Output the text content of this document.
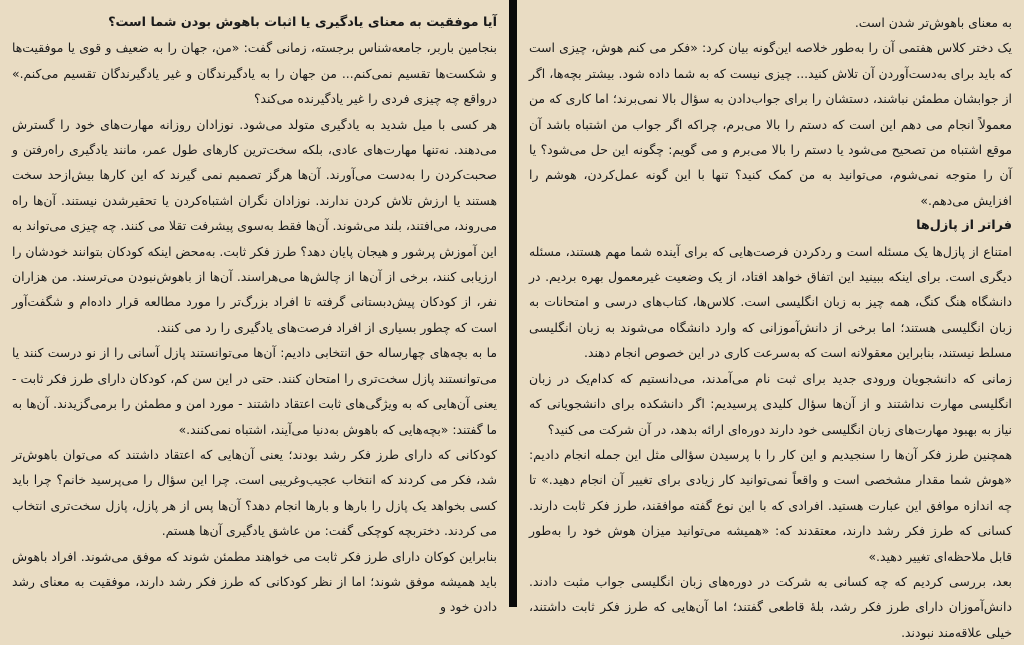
به معنای باهوش‌تر شدن است.

یک دختر کلاس هفتمی آن را به‌طور خلاصه این‌گونه بیان کرد: «فکر می کنم هوش، چیزی است که باید برای به‌دست‌آوردن آن تلاش کنید... چیزی نیست که به شما داده شود. بیشتر بچه‌ها، اگر از جوابشان مطمئن نباشند، دستشان را برای جواب‌دادن به سؤال بالا نمی‌برند؛ اما کاری که من معمولاً انجام می دهم این است که دستم را بالا می‌برم، چراکه اگر جواب من اشتباه باشد آن موقع اشتباه من تصحیح می‌شود یا دستم را بالا می‌برم و می گویم: چگونه این حل می‌شود؟ یا آن را متوجه نمی‌شوم، می‌توانید به من کمک کنید؟ تنها با این گونه عمل‌کردن، هوشم را افزایش می‌دهم.»

فراتر از پازل‌ها

امتناع از پازل‌ها یک مسئله است و ردکردن فرصت‌هایی که برای آینده شما مهم هستند، مسئله دیگری است. برای اینکه ببینید این اتفاق خواهد افتاد، از یک وضعیت غیرمعمول بهره بردیم. در دانشگاه هنگ کنگ، همه چیز به زبان انگلیسی است. کلاس‌ها، کتاب‌های درسی و امتحانات به زبان انگلیسی هستند؛ اما برخی از دانش‌آموزانی که وارد دانشگاه می‌شوند به زبان انگلیسی مسلط نیستند، بنابراین معقولانه است که به‌سرعت کاری در این خصوص انجام دهند.

زمانی که دانشجویان ورودی جدید برای ثبت نام می‌آمدند، می‌دانستیم که کدام‌یک در زبان انگلیسی مهارت نداشتند و از آن‌ها سؤال کلیدی پرسیدیم: اگر دانشکده برای دانشجویانی که نیاز به بهبود مهارت‌های زبان انگلیسی خود دارند دوره‌ای ارائه بدهد، در آن شرکت می کنید؟

همچنین طرز فکر آن‌ها را سنجیدیم و این کار را با پرسیدن سؤالی مثل این جمله انجام دادیم: «هوش شما مقدار مشخصی است و واقعاً نمی‌توانید کار زیادی برای تغییر آن انجام دهید.» تا چه اندازه موافق این عبارت هستید. افرادی که با این نوع گفته موافقند، طرز فکر ثابت دارند. کسانی که طرز فکر رشد دارند، معتقدند که: «همیشه می‌توانید میزان هوش خود را به‌طور قابل ملاحظه‌ای تغییر دهید.»

بعد، بررسی کردیم که چه کسانی به شرکت در دوره‌های زبان انگلیسی جواب مثبت دادند. دانش‌آموزان دارای طرز فکر رشد، بلهٔ قاطعی گفتند؛ اما آن‌هایی که طرز فکر ثابت داشتند، خیلی علاقه‌مند نبودند.

آیا موفقیت به معنای یادگیری یا اثبات باهوش بودن شما است؟

بنجامین باربر، جامعه‌شناس برجسته، زمانی گفت: «من، جهان را به ضعیف و قوی یا موفقیت‌ها و شکست‌ها تقسیم نمی‌کنم... من جهان را به یادگیرندگان و غیر یادگیرندگان تقسیم می‌کنم.» درواقع چه چیزی فردی را غیر یادگیرنده می‌کند؟

هر کسی با میل شدید به یادگیری متولد می‌شود. نوزادان روزانه مهارت‌های خود را گسترش می‌دهند. نه‌تنها مهارت‌های عادی، بلکه سخت‌ترین کارهای طول عمر، مانند یادگیری راه‌رفتن و صحبت‌کردن را به‌دست می‌آورند. آن‌ها هرگز تصمیم نمی گیرند که این کارها بیش‌ازحد سخت هستند یا ارزش تلاش کردن ندارند. نوزادان نگران اشتباه‌کردن یا تحقیرشدن نیستند. آن‌ها راه می‌روند، می‌افتند، بلند می‌شوند. آن‌ها فقط به‌سوی پیشرفت تقلا می کنند. چه چیزی می‌تواند به این آموزش پرشور و هیجان پایان دهد؟ طرز فکر ثابت. به‌محض اینکه کودکان بتوانند خودشان را ارزیابی کنند، برخی از آن‌ها از چالش‌ها می‌هراسند. آن‌ها از باهوش‌نبودن می‌ترسند. من هزاران نفر، از کودکان پیش‌دبستانی گرفته تا افراد بزرگ‌تر را مورد مطالعه قرار داده‌ام و شگفت‌آور است که چطور بسیاری از افراد فرصت‌های یادگیری را رد می کنند.

ما به بچه‌های چهارساله حق انتخابی دادیم: آن‌ها می‌توانستند پازل آسانی را از نو درست کنند یا می‌توانستند پازل سخت‌تری را امتحان کنند. حتی در این سن کم، کودکان دارای طرز فکر ثابت - یعنی آن‌هایی که به ویژگی‌های ثابت اعتقاد داشتند - مورد امن و مطمئن را برمی‌گزیدند. آن‌ها به ما گفتند: «بچه‌هایی که باهوش به‌دنیا می‌آیند، اشتباه نمی‌کنند.»

کودکانی که دارای طرز فکر رشد بودند؛ یعنی آن‌هایی که اعتقاد داشتند که می‌توان باهوش‌تر شد، فکر می کردند که انتخاب عجیب‌وغریبی است. چرا این سؤال را می‌پرسید خانم؟ چرا باید کسی بخواهد یک پازل را بارها و بارها انجام دهد؟ آن‌ها پس از هر پازل، پازل سخت‌تری انتخاب می کردند. دختربچه کوچکی گفت: من عاشق یادگیری آن‌ها هستم.

بنابراین کوکان دارای طرز فکر ثابت می خواهند مطمئن شوند که موفق می‌شوند. افراد باهوش باید همیشه موفق شوند؛ اما از نظر کودکانی که طرز فکر رشد دارند، موفقیت به معنای رشد دادن خود و
